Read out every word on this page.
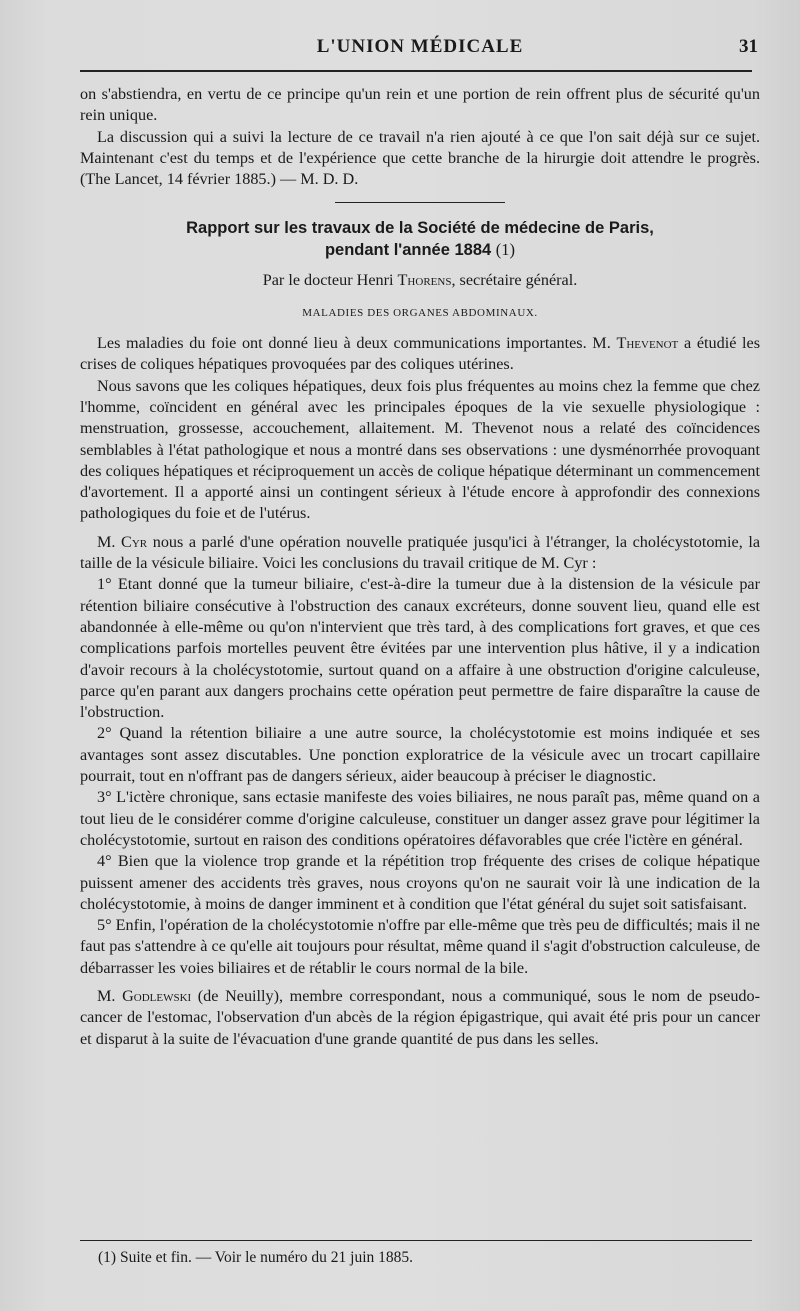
L'UNION MÉDICALE	31

on s'abstiendra, en vertu de ce principe qu'un rein et une portion de rein offrent plus de sécurité qu'un rein unique.

La discussion qui a suivi la lecture de ce travail n'a rien ajouté à ce que l'on sait déjà sur ce sujet. Maintenant c'est du temps et de l'expérience que cette branche de la hirurgie doit attendre le progrès. (The Lancet, 14 février 1885.) — M. D. D.

Rapport sur les travaux de la Société de médecine de Paris,
pendant l'année 1884 (1)
Par le docteur Henri Thorens, secrétaire général.
MALADIES DES ORGANES ABDOMINAUX.

Les maladies du foie ont donné lieu à deux communications importantes. M. Thevenot a étudié les crises de coliques hépatiques provoquées par des coliques utérines.

Nous savons que les coliques hépatiques, deux fois plus fréquentes au moins chez la femme que chez l'homme, coïncident en général avec les principales époques de la vie sexuelle physiologique : menstruation, grossesse, accouchement, allaitement. M. Thevenot nous a relaté des coïncidences semblables à l'état pathologique et nous a montré dans ses observations : une dysménorrhée provoquant des coliques hépatiques et réciproquement un accès de colique hépatique déterminant un commencement d'avortement. Il a apporté ainsi un contingent sérieux à l'étude encore à approfondir des connexions pathologiques du foie et de l'utérus.

M. Cyr nous a parlé d'une opération nouvelle pratiquée jusqu'ici à l'étranger, la cholécystotomie, la taille de la vésicule biliaire. Voici les conclusions du travail critique de M. Cyr :

1° Etant donné que la tumeur biliaire, c'est-à-dire la tumeur due à la distension de la vésicule par rétention biliaire consécutive à l'obstruction des canaux excréteurs, donne souvent lieu, quand elle est abandonnée à elle-même ou qu'on n'intervient que très tard, à des complications fort graves, et que ces complications parfois mortelles peuvent être évitées par une intervention plus hâtive, il y a indication d'avoir recours à la cholécystotomie, surtout quand on a affaire à une obstruction d'origine calculeuse, parce qu'en parant aux dangers prochains cette opération peut permettre de faire disparaître la cause de l'obstruction.

2° Quand la rétention biliaire a une autre source, la cholécystotomie est moins indiquée et ses avantages sont assez discutables. Une ponction exploratrice de la vésicule avec un trocart capillaire pourrait, tout en n'offrant pas de dangers sérieux, aider beaucoup à préciser le diagnostic.

3° L'ictère chronique, sans ectasie manifeste des voies biliaires, ne nous paraît pas, même quand on a tout lieu de le considérer comme d'origine calculeuse, constituer un danger assez grave pour légitimer la cholécystotomie, surtout en raison des conditions opératoires défavorables que crée l'ictère en général.

4° Bien que la violence trop grande et la répétition trop fréquente des crises de colique hépatique puissent amener des accidents très graves, nous croyons qu'on ne saurait voir là une indication de la cholécystotomie, à moins de danger imminent et à condition que l'état général du sujet soit satisfaisant.

5° Enfin, l'opération de la cholécystotomie n'offre par elle-même que très peu de difficultés; mais il ne faut pas s'attendre à ce qu'elle ait toujours pour résultat, même quand il s'agit d'obstruction calculeuse, de débarrasser les voies biliaires et de rétablir le cours normal de la bile.

M. Godlewski (de Neuilly), membre correspondant, nous a communiqué, sous le nom de pseudo-cancer de l'estomac, l'observation d'un abcès de la région épigastrique, qui avait été pris pour un cancer et disparut à la suite de l'évacuation d'une grande quantité de pus dans les selles.

(1) Suite et fin. — Voir le numéro du 21 juin 1885.
